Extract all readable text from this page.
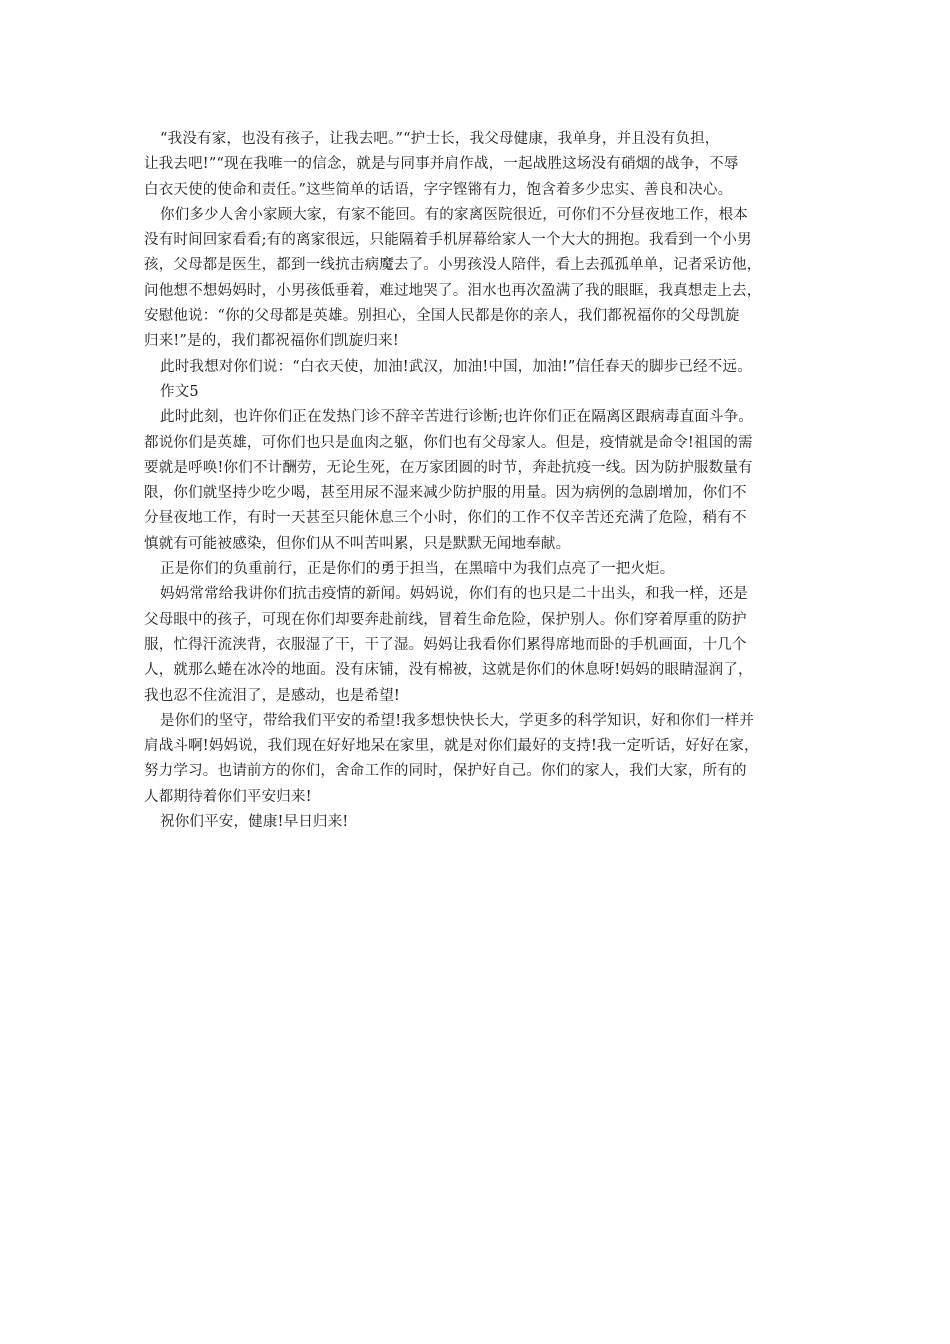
“我没有家，也没有孩子，让我去吧。”“护士长，我父母健康，我单身，并且没有负担，
让我去吧!”“现在我唯一的信念，就是与同事并肩作战，一起战胜这场没有硝烟的战争，不辱
白衣天使的使命和责任。”这些简单的话语，字字铿锵有力，饱含着多少忠实、善良和决心。
你们多少人舍小家顾大家，有家不能回。有的家离医院很近，可你们不分昼夜地工作，根本
没有时间回家看看;有的离家很远，只能隔着手机屏幕给家人一个大大的拥抱。我看到一个小男
孩，父母都是医生，都到一线抗击病魔去了。小男孩没人陪伴，看上去孤孤单单，记者采访他，
问他想不想妈妈时，小男孩低垂着，难过地哭了。泪水也再次盈满了我的眼眶，我真想走上去，
安慰他说：“你的父母都是英雄。别担心，全国人民都是你的亲人，我们都祝福你的父母凯旋
归来!”是的，我们都祝福你们凯旋归来!
此时我想对你们说：“白衣天使，加油!武汉，加油!中国，加油!”信任春天的脚步已经不远。
作文5
此时此刻，也许你们正在发热门诊不辞辛苦进行诊断;也许你们正在隔离区跟病毒直面斗争。
都说你们是英雄，可你们也只是血肉之躯，你们也有父母家人。但是，疫情就是命令!祖国的需
要就是呼唤!你们不计酬劳，无论生死，在万家团圆的时节，奔赴抗疫一线。因为防护服数量有
限，你们就坚持少吃少喝，甚至用尿不湿来减少防护服的用量。因为病例的急剧增加，你们不
分昼夜地工作，有时一天甚至只能休息三个小时，你们的工作不仅辛苦还充满了危险，稍有不
慎就有可能被感染，但你们从不叫苦叫累，只是默默无闻地奉献。
正是你们的负重前行，正是你们的勇于担当，在黑暗中为我们点亮了一把火炬。
妈妈常常给我讲你们抗击疫情的新闻。妈妈说，你们有的也只是二十出头，和我一样，还是
父母眼中的孩子，可现在你们却要奔赴前线，冒着生命危险，保护别人。你们穿着厚重的防护
服，忙得汗流浃背，衣服湿了干，干了湿。妈妈让我看你们累得席地而卧的手机画面，十几个
人，就那么蜷在冰冷的地面。没有床铺，没有棉被，这就是你们的休息呀!妈妈的眼睛湿润了，
我也忍不住流泪了，是感动，也是希望!
是你们的坚守，带给我们平安的希望!我多想快快长大，学更多的科学知识，好和你们一样并
肩战斗啊!妈妈说，我们现在好好地呆在家里，就是对你们最好的支持!我一定听话，好好在家，
努力学习。也请前方的你们，舍命工作的同时，保护好自己。你们的家人，我们大家，所有的
人都期待着你们平安归来!
祝你们平安，健康!早日归来!
